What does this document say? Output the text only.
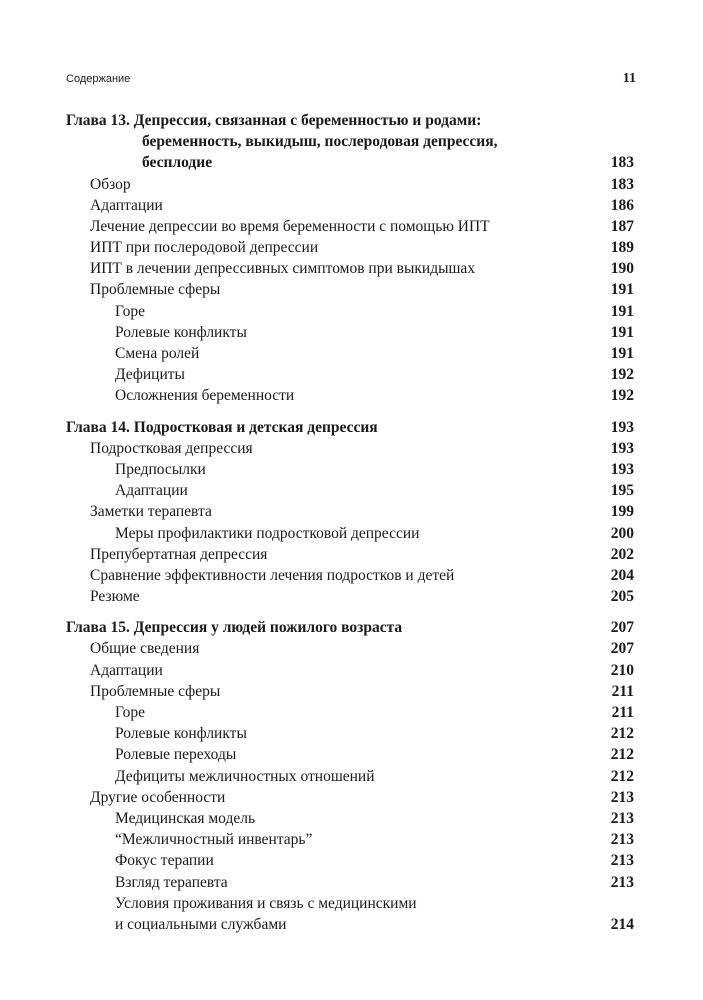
Содержание	11
Глава 13. Депрессия, связанная с беременностью и родами:
беременность, выкидыш, послеродовая депрессия,
бесплодие	183
Обзор	183
Адаптации	186
Лечение депрессии во время беременности с помощью ИПТ	187
ИПТ при послеродовой депрессии	189
ИПТ в лечении депрессивных симптомов при выкидышах	190
Проблемные сферы	191
Горе	191
Ролевые конфликты	191
Смена ролей	191
Дефициты	192
Осложнения беременности	192
Глава 14. Подростковая и детская депрессия	193
Подростковая депрессия	193
Предпосылки	193
Адаптации	195
Заметки терапевта	199
Меры профилактики подростковой депрессии	200
Препубертатная депрессия	202
Сравнение эффективности лечения подростков и детей	204
Резюме	205
Глава 15. Депрессия у людей пожилого возраста	207
Общие сведения	207
Адаптации	210
Проблемные сферы	211
Горе	211
Ролевые конфликты	212
Ролевые переходы	212
Дефициты межличностных отношений	212
Другие особенности	213
Медицинская модель	213
“Межличностный инвентарь”	213
Фокус терапии	213
Взгляд терапевта	213
Условия проживания и связь с медицинскими
и социальными службами	214
